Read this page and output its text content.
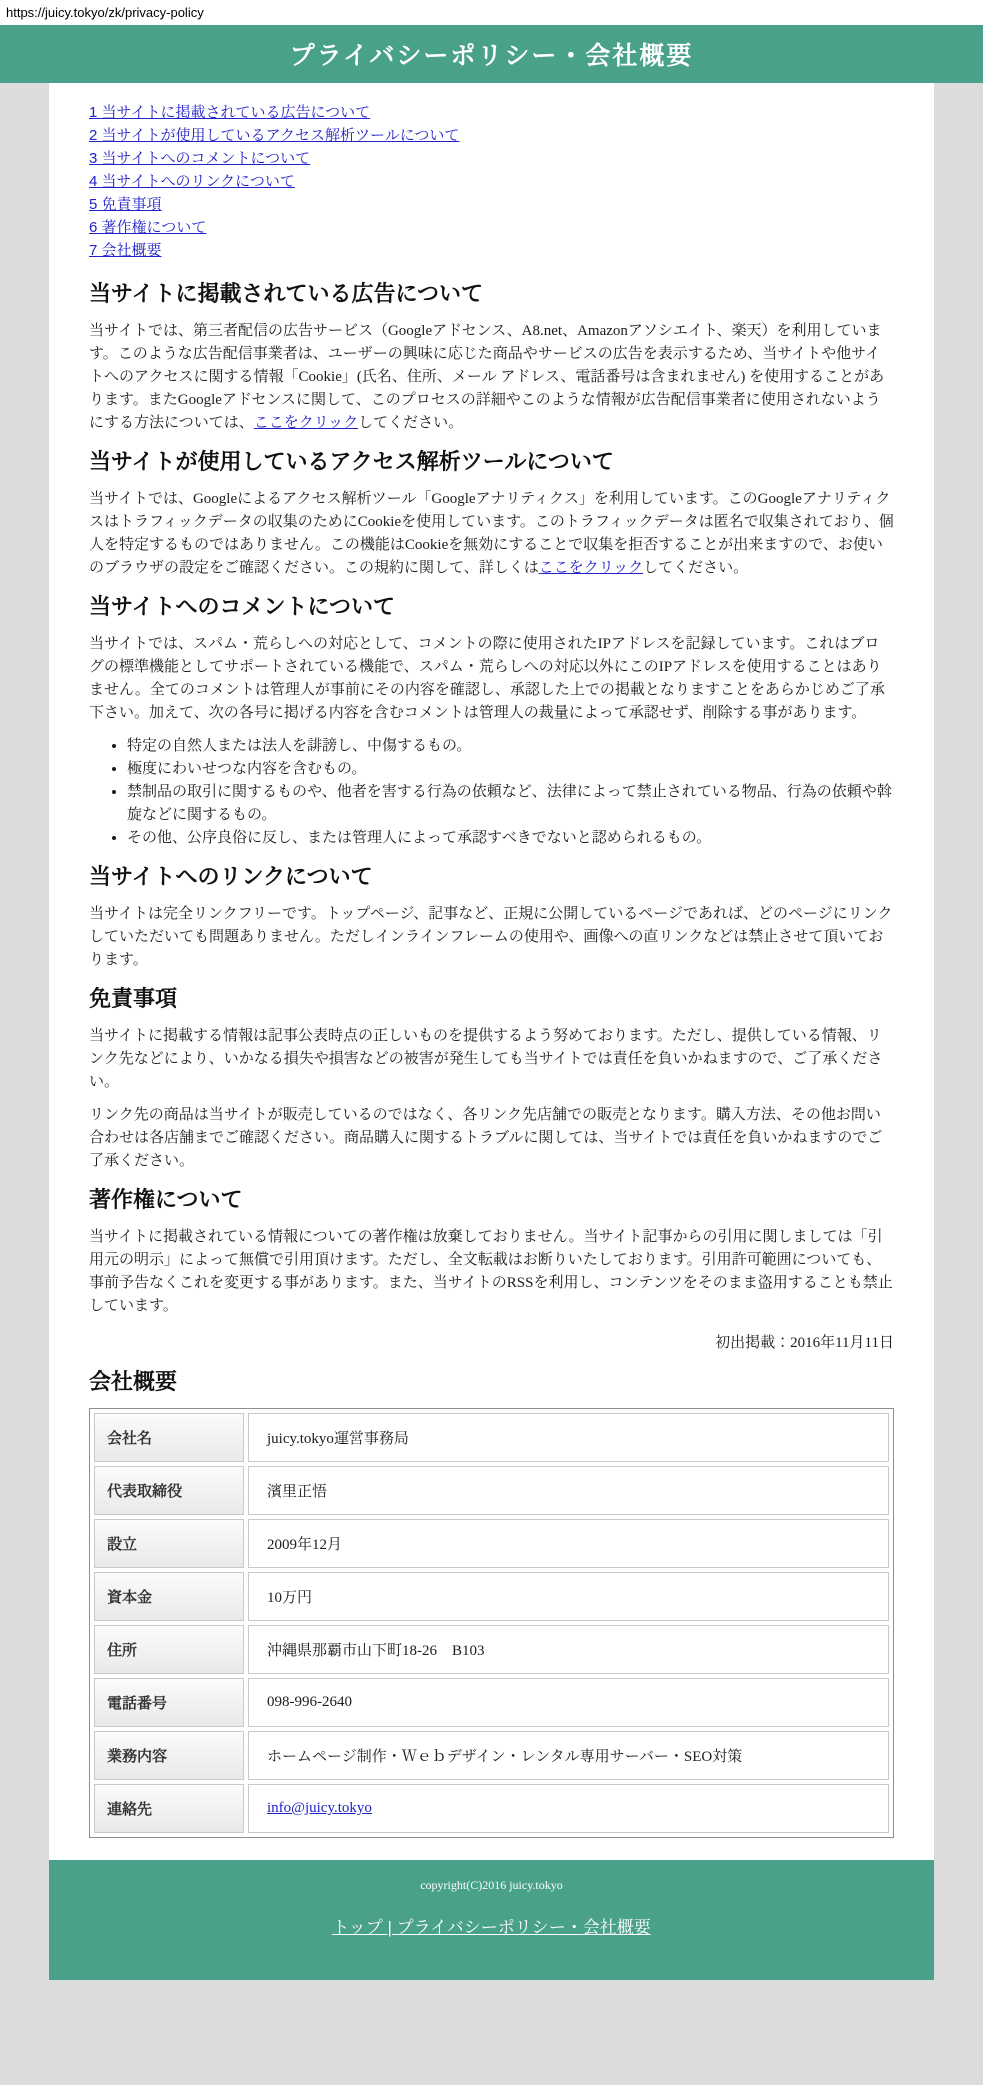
https://juicy.tokyo/zk/privacy-policy
プライバシーポリシー・会社概要
1 当サイトに掲載されている広告について
2 当サイトが使用しているアクセス解析ツールについて
3 当サイトへのコメントについて
4 当サイトへのリンクについて
5 免責事項
6 著作権について
7 会社概要
当サイトに掲載されている広告について

当サイトでは、第三者配信の広告サービス（Googleアドセンス、A8.net、Amazonアソシエイト、楽天）を利用しています。このような広告配信事業者は、ユーザーの興味に応じた商品やサービスの広告を表示するため、当サイトや他サイトへのアクセスに関する情報「Cookie」(氏名、住所、メール アドレス、電話番号は含まれません) を使用することがあります。またGoogleアドセンスに関して、このプロセスの詳細やこのような情報が広告配信事業者に使用されないようにする方法については、ここをクリックしてください。

当サイトが使用しているアクセス解析ツールについて

当サイトでは、Googleによるアクセス解析ツール「Googleアナリティクス」を利用しています。このGoogleアナリティクスはトラフィックデータの収集のためにCookieを使用しています。このトラフィックデータは匿名で収集されており、個人を特定するものではありません。この機能はCookieを無効にすることで収集を拒否することが出来ますので、お使いのブラウザの設定をご確認ください。この規約に関して、詳しくはここをクリックしてください。

当サイトへのコメントについて

当サイトでは、スパム・荒らしへの対応として、コメントの際に使用されたIPアドレスを記録しています。これはブログの標準機能としてサポートされている機能で、スパム・荒らしへの対応以外にこのIPアドレスを使用することはありません。全てのコメントは管理人が事前にその内容を確認し、承認した上での掲載となりますことをあらかじめご了承下さい。加えて、次の各号に掲げる内容を含むコメントは管理人の裁量によって承認せず、削除する事があります。

• 特定の自然人または法人を誹謗し、中傷するもの。
• 極度にわいせつな内容を含むもの。
• 禁制品の取引に関するものや、他者を害する行為の依頼など、法律によって禁止されている物品、行為の依頼や斡旋などに関するもの。
• その他、公序良俗に反し、または管理人によって承認すべきでないと認められるもの。
当サイトへのリンクについて

当サイトは完全リンクフリーです。トップページ、記事など、正規に公開しているページであれば、どのページにリンクしていただいても問題ありません。ただしインラインフレームの使用や、画像への直リンクなどは禁止させて頂いております。

免責事項

当サイトに掲載する情報は記事公表時点の正しいものを提供するよう努めております。ただし、提供している情報、リンク先などにより、いかなる損失や損害などの被害が発生しても当サイトでは責任を負いかねますので、ご了承ください。

リンク先の商品は当サイトが販売しているのではなく、各リンク先店舗での販売となります。購入方法、その他お問い合わせは各店舗までご確認ください。商品購入に関するトラブルに関しては、当サイトでは責任を負いかねますのでご了承ください。

著作権について

当サイトに掲載されている情報についての著作権は放棄しておりません。当サイト記事からの引用に関しましては「引用元の明示」によって無償で引用頂けます。ただし、全文転載はお断りいたしております。引用許可範囲についても、事前予告なくこれを変更する事があります。また、当サイトのRSSを利用し、コンテンツをそのまま盗用することも禁止しています。

初出掲載：2016年11月11日

会社概要
会社名	juicy.tokyo運営事務局
代表取締役	濱里正悟
設立	2009年12月
資本金	10万円
住所	沖縄県那覇市山下町18-26　B103
電話番号	098-996-2640
業務内容	ホームページ制作・Ｗｅｂデザイン・レンタル専用サーバー・SEO対策
連絡先	info@juicy.tokyo

copyright(C)2016 juicy.tokyo

トップ | プライバシーポリシー・会社概要
